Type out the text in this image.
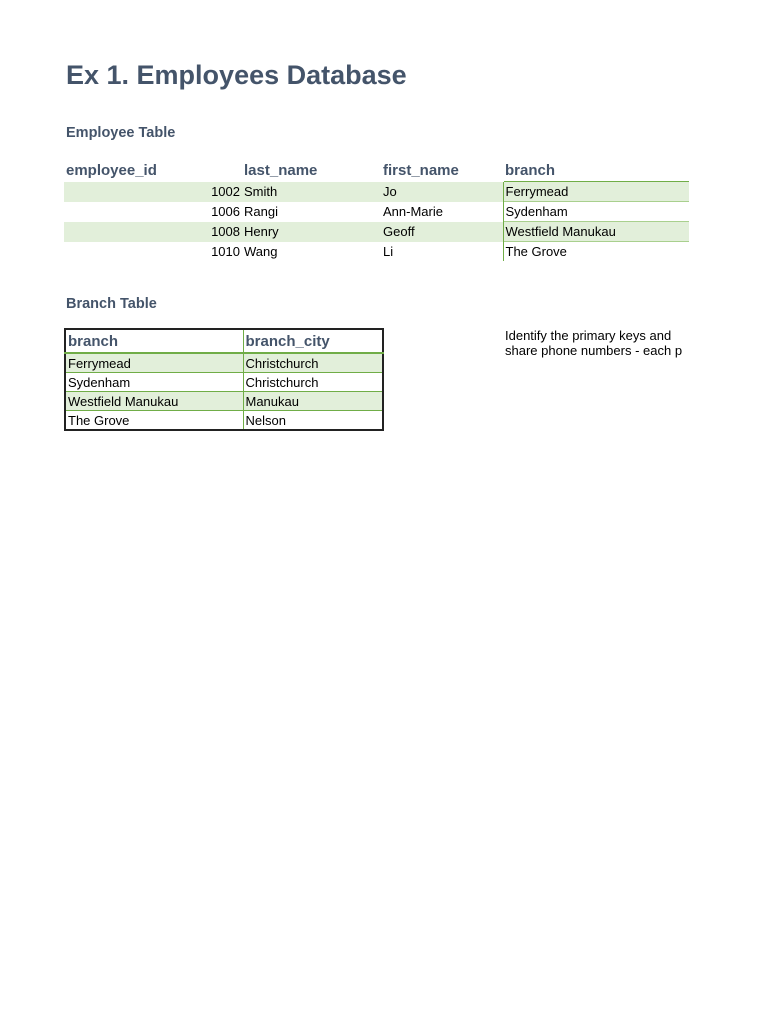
Ex 1. Employees Database
Employee Table
employee_id	last_name	first_name	branch
1002	Smith	Jo	Ferrymead
1006	Rangi	Ann-Marie	Sydenham
1008	Henry	Geoff	Westfield Manukau
1010	Wang	Li	The Grove
Branch Table
branch	branch_city
Ferrymead	Christchurch
Sydenham	Christchurch
Westfield Manukau	Manukau
The Grove	Nelson
Identify the primary keys and
share phone numbers - each p
